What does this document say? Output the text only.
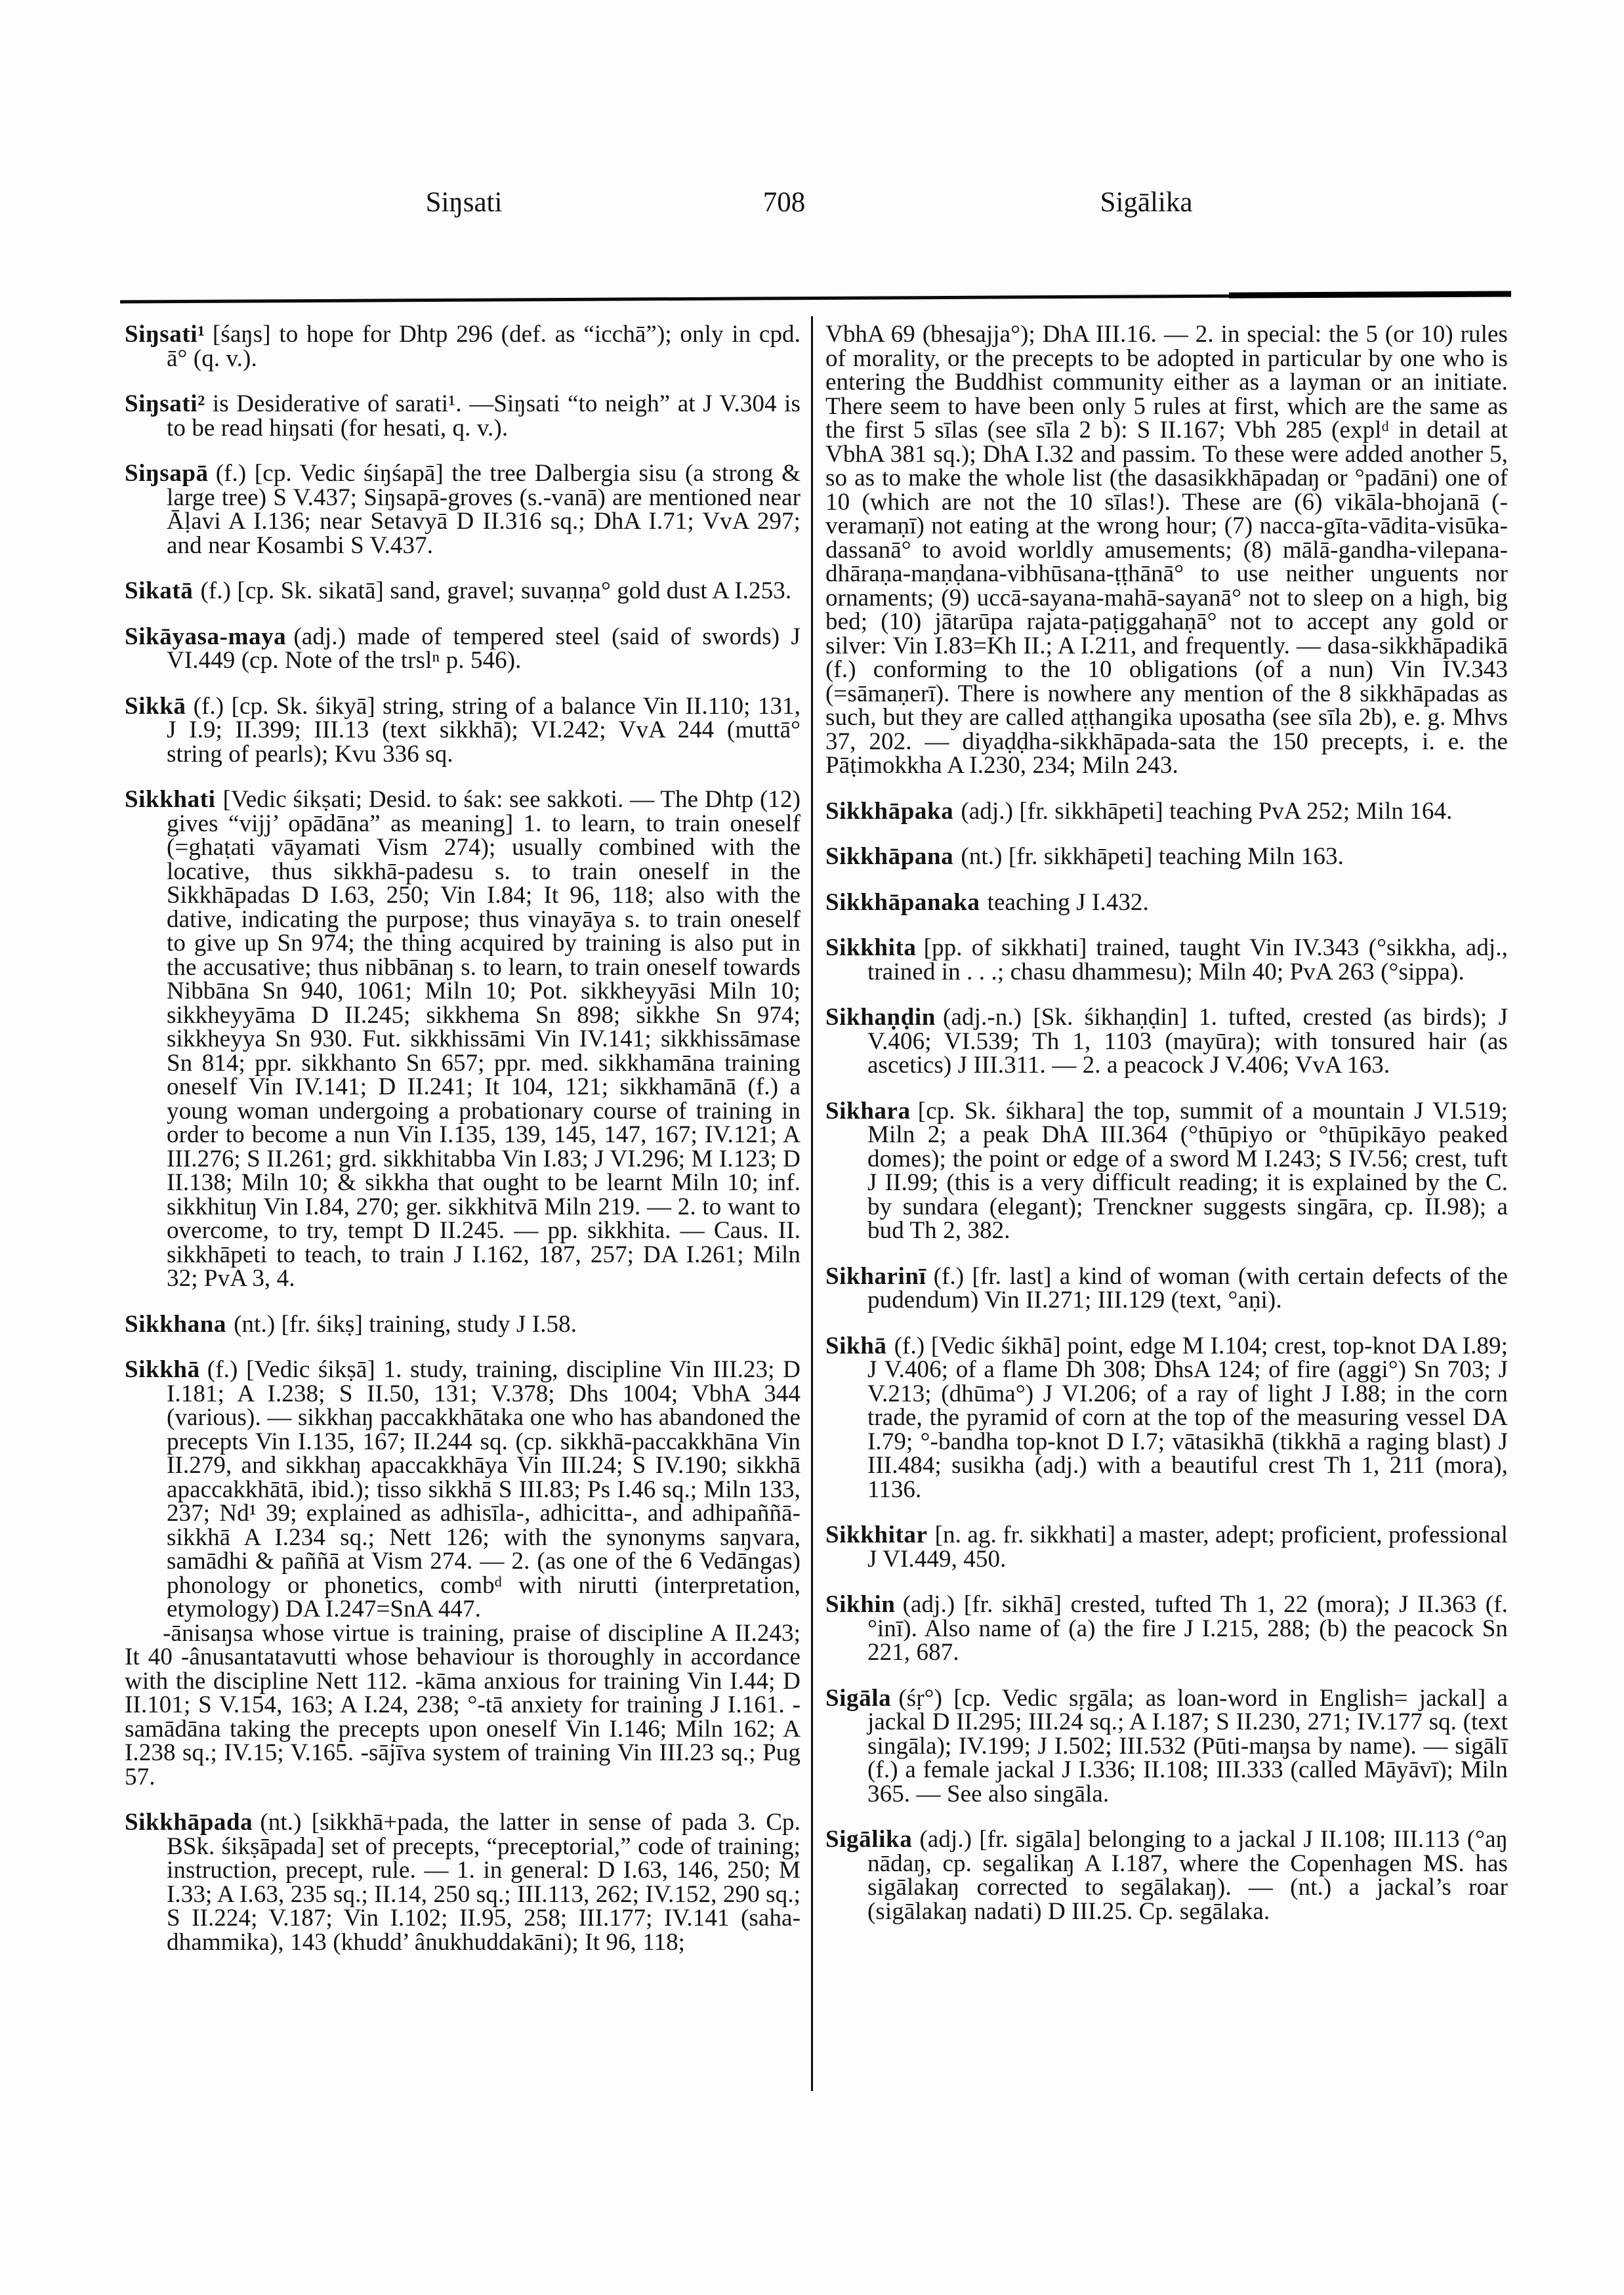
Siŋsati	708	Sigālika

Siŋsati¹ [śaŋs] to hope for Dhtp 296 (def. as “icchā”); only in cpd. ā° (q. v.).

Siŋsati² is Desiderative of sarati¹. —Siŋsati “to neigh” at J V.304 is to be read hiŋsati (for hesati, q. v.).

Siŋsapā (f.) [cp. Vedic śiŋśapā] the tree Dalbergia sisu (a strong & large tree) S V.437; Siŋsapā-groves (s.-vanā) are mentioned near Āḷavi A I.136; near Setavyā D II.316 sq.; DhA I.71; VvA 297; and near Kosambi S V.437.

Sikatā (f.) [cp. Sk. sikatā] sand, gravel; suvaṇṇa° gold dust A I.253.

Sikāyasa-maya (adj.) made of tempered steel (said of swords) J VI.449 (cp. Note of the trslⁿ p. 546).

Sikkā (f.) [cp. Sk. śikyā] string, string of a balance Vin II.110; 131, J I.9; II.399; III.13 (text sikkhā); VI.242; VvA 244 (muttā° string of pearls); Kvu 336 sq.

Sikkhati [Vedic śikṣati; Desid. to śak: see sakkoti. — The Dhtp (12) gives “vijj’ opādāna” as meaning] 1. to learn, to train oneself (=ghaṭati vāyamati Vism 274); usually combined with the locative, thus sikkhā-padesu s. to train oneself in the Sikkhāpadas D I.63, 250; Vin I.84; It 96, 118; also with the dative, indicating the purpose; thus vinayāya s. to train oneself to give up Sn 974; the thing acquired by training is also put in the accusative; thus nibbānaŋ s. to learn, to train oneself towards Nibbāna Sn 940, 1061; Miln 10; Pot. sikkheyyāsi Miln 10; sikkheyyāma D II.245; sikkhema Sn 898; sikkhe Sn 974; sikkheyya Sn 930. Fut. sikkhissāmi Vin IV.141; sikkhissāmase Sn 814; ppr. sikkhanto Sn 657; ppr. med. sikkhamāna training oneself Vin IV.141; D II.241; It 104, 121; sikkhamānā (f.) a young woman undergoing a probationary course of training in order to become a nun Vin I.135, 139, 145, 147, 167; IV.121; A III.276; S II.261; grd. sikkhitabba Vin I.83; J VI.296; M I.123; D II.138; Miln 10; & sikkha that ought to be learnt Miln 10; inf. sikkhituŋ Vin I.84, 270; ger. sikkhitvā Miln 219. — 2. to want to overcome, to try, tempt D II.245. — pp. sikkhita. — Caus. II. sikkhāpeti to teach, to train J I.162, 187, 257; DA I.261; Miln 32; PvA 3, 4.

Sikkhana (nt.) [fr. śikṣ] training, study J I.58.

Sikkhā (f.) [Vedic śikṣā] 1. study, training, discipline Vin III.23; D I.181; A I.238; S II.50, 131; V.378; Dhs 1004; VbhA 344 (various). — sikkhaŋ paccakkhātaka one who has abandoned the precepts Vin I.135, 167; II.244 sq. (cp. sikkhā-paccakkhāna Vin II.279, and sikkhaŋ apaccakkhāya Vin III.24; S IV.190; sikkhā apaccakkhātā, ibid.); tisso sikkhā S III.83; Ps I.46 sq.; Miln 133, 237; Nd¹ 39; explained as adhisīla-, adhicitta-, and adhipaññā-sikkhā A I.234 sq.; Nett 126; with the synonyms saŋvara, samādhi & paññā at Vism 274. — 2. (as one of the 6 Vedāngas) phonology or phonetics, combᵈ with nirutti (interpretation, etymology) DA I.247=SnA 447.

-ānisaŋsa whose virtue is training, praise of discipline A II.243; It 40 -ânusantatavutti whose behaviour is thoroughly in accordance with the discipline Nett 112. -kāma anxious for training Vin I.44; D II.101; S V.154, 163; A I.24, 238; °-tā anxiety for training J I.161. -samādāna taking the precepts upon oneself Vin I.146; Miln 162; A I.238 sq.; IV.15; V.165. -sājīva system of training Vin III.23 sq.; Pug 57.

Sikkhāpada (nt.) [sikkhā+pada, the latter in sense of pada 3. Cp. BSk. śikṣāpada] set of precepts, “preceptorial,” code of training; instruction, precept, rule. — 1. in general: D I.63, 146, 250; M I.33; A I.63, 235 sq.; II.14, 250 sq.; III.113, 262; IV.152, 290 sq.; S II.224; V.187; Vin I.102; II.95, 258; III.177; IV.141 (saha-dhammika), 143 (khudd’ ânukhuddakāni); It 96, 118;

VbhA 69 (bhesajja°); DhA III.16. — 2. in special: the 5 (or 10) rules of morality, or the precepts to be adopted in particular by one who is entering the Buddhist community either as a layman or an initiate. There seem to have been only 5 rules at first, which are the same as the first 5 sīlas (see sīla 2 b): S II.167; Vbh 285 (explᵈ in detail at VbhA 381 sq.); DhA I.32 and passim. To these were added another 5, so as to make the whole list (the dasasikkhāpadaŋ or °padāni) one of 10 (which are not the 10 sīlas!). These are (6) vikāla-bhojanā (-veramaṇī) not eating at the wrong hour; (7) nacca-gīta-vādita-visūka-dassanā° to avoid worldly amusements; (8) mālā-gandha-vilepana-dhāraṇa-maṇḍana-vibhūsana-ṭṭhānā° to use neither unguents nor ornaments; (9) uccā-sayana-mahā-sayanā° not to sleep on a high, big bed; (10) jātarūpa rajata-paṭiggahaṇā° not to accept any gold or silver: Vin I.83=Kh II.; A I.211, and frequently. — dasa-sikkhāpadikā (f.) conforming to the 10 obligations (of a nun) Vin IV.343 (=sāmaṇerī). There is nowhere any mention of the 8 sikkhāpadas as such, but they are called aṭṭhangika uposatha (see sīla 2b), e. g. Mhvs 37, 202. — diyaḍḍha-sikkhāpada-sata the 150 precepts, i. e. the Pāṭimokkha A I.230, 234; Miln 243.

Sikkhāpaka (adj.) [fr. sikkhāpeti] teaching PvA 252; Miln 164.

Sikkhāpana (nt.) [fr. sikkhāpeti] teaching Miln 163.

Sikkhāpanaka teaching J I.432.

Sikkhita [pp. of sikkhati] trained, taught Vin IV.343 (°sikkha, adj., trained in . . .; chasu dhammesu); Miln 40; PvA 263 (°sippa).

Sikhaṇḍin (adj.-n.) [Sk. śikhaṇḍin] 1. tufted, crested (as birds); J V.406; VI.539; Th 1, 1103 (mayūra); with tonsured hair (as ascetics) J III.311. — 2. a peacock J V.406; VvA 163.

Sikhara [cp. Sk. śikhara] the top, summit of a mountain J VI.519; Miln 2; a peak DhA III.364 (°thūpiyo or °thūpikāyo peaked domes); the point or edge of a sword M I.243; S IV.56; crest, tuft J II.99; (this is a very difficult reading; it is explained by the C. by sundara (elegant); Trenckner suggests singāra, cp. II.98); a bud Th 2, 382.

Sikharinī (f.) [fr. last] a kind of woman (with certain defects of the pudendum) Vin II.271; III.129 (text, °aṇi).

Sikhā (f.) [Vedic śikhā] point, edge M I.104; crest, top-knot DA I.89; J V.406; of a flame Dh 308; DhsA 124; of fire (aggi°) Sn 703; J V.213; (dhūma°) J VI.206; of a ray of light J I.88; in the corn trade, the pyramid of corn at the top of the measuring vessel DA I.79; °-bandha top-knot D I.7; vātasikhā (tikkhā a raging blast) J III.484; susikha (adj.) with a beautiful crest Th 1, 211 (mora), 1136.

Sikkhitar [n. ag. fr. sikkhati] a master, adept; proficient, professional J VI.449, 450.

Sikhin (adj.) [fr. sikhā] crested, tufted Th 1, 22 (mora); J II.363 (f. °inī). Also name of (a) the fire J I.215, 288; (b) the peacock Sn 221, 687.

Sigāla (śṛ°) [cp. Vedic sṛgāla; as loan-word in English= jackal] a jackal D II.295; III.24 sq.; A I.187; S II.230, 271; IV.177 sq. (text singāla); IV.199; J I.502; III.532 (Pūti-maŋsa by name). — sigālī (f.) a female jackal J I.336; II.108; III.333 (called Māyāvī); Miln 365. — See also singāla.

Sigālika (adj.) [fr. sigāla] belonging to a jackal J II.108; III.113 (°aŋ nādaŋ, cp. segalikaŋ A I.187, where the Copenhagen MS. has sigālakaŋ corrected to segālakaŋ). — (nt.) a jackal’s roar (sigālakaŋ nadati) D III.25. Cp. segālaka.
